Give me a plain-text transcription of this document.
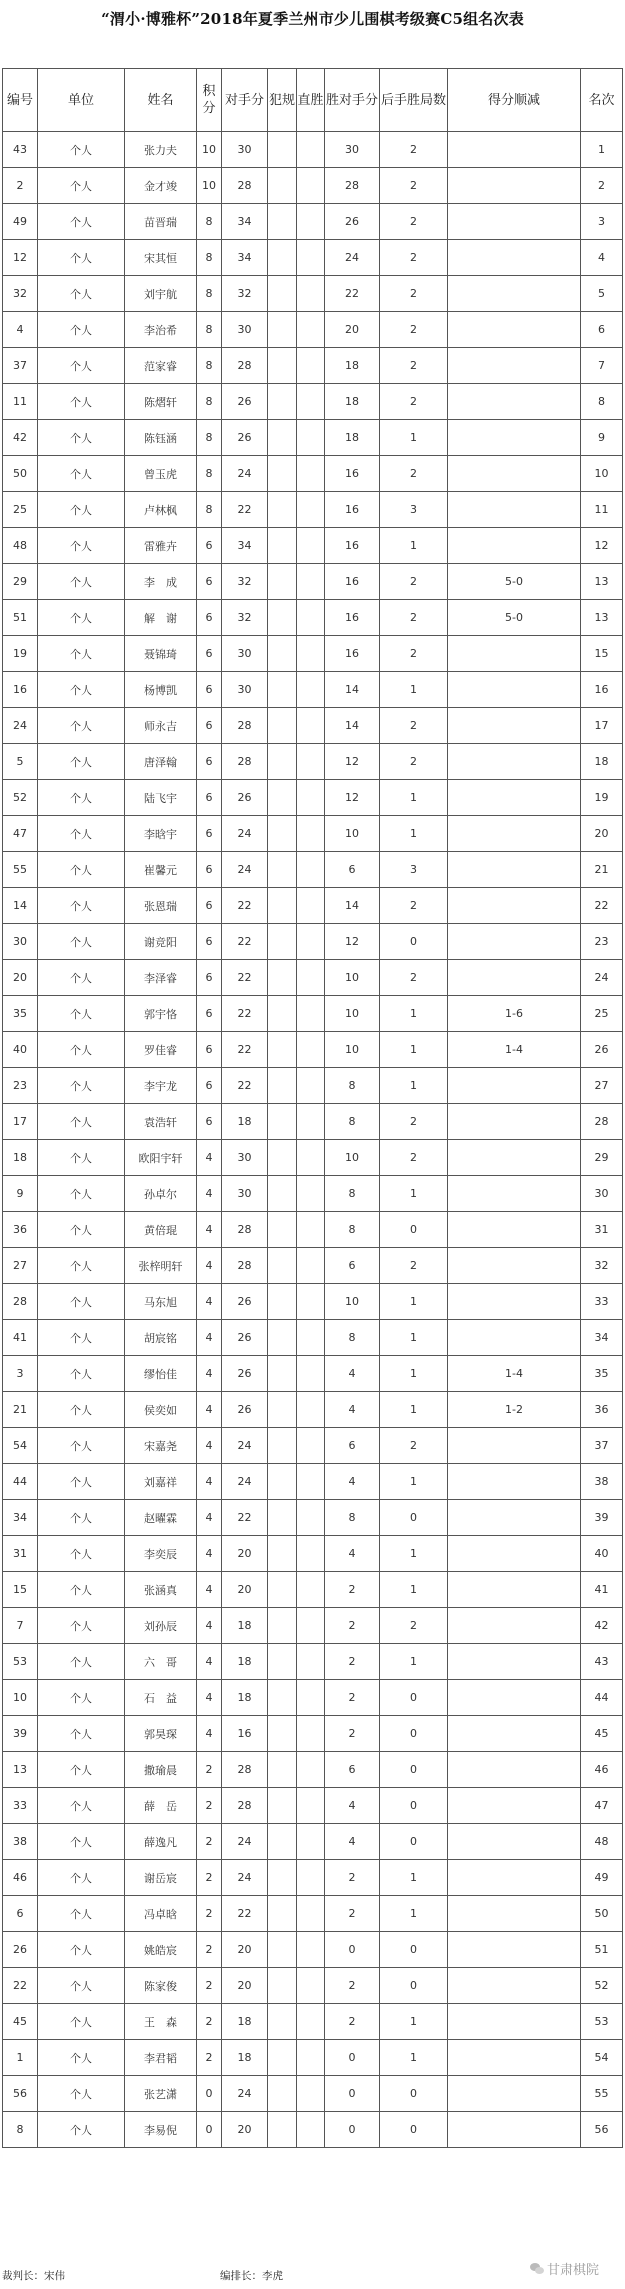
“渭小·博雅杯”2018年夏季兰州市少儿围棋考级赛C5组名次表
编号	单位	姓名	积分	对手分	犯规	直胜	胜对手分	后手胜局数	得分顺减	名次
43	个人	张力夫	10	30			30	2		1
2	个人	金才竣	10	28			28	2		2
49	个人	苗晋瑞	8	34			26	2		3
12	个人	宋其恒	8	34			24	2		4
32	个人	刘宇航	8	32			22	2		5
4	个人	李治希	8	30			20	2		6
37	个人	范家睿	8	28			18	2		7
11	个人	陈熠轩	8	26			18	2		8
42	个人	陈钰涵	8	26			18	1		9
50	个人	曾玉虎	8	24			16	2		10
25	个人	卢林枫	8	22			16	3		11
48	个人	雷雅卉	6	34			16	1		12
29	个人	李　成	6	32			16	2	5-0	13
51	个人	解　谢	6	32			16	2	5-0	13
19	个人	聂锦琦	6	30			16	2		15
16	个人	杨博凯	6	30			14	1		16
24	个人	师永吉	6	28			14	2		17
5	个人	唐泽翰	6	28			12	2		18
52	个人	陆飞宇	6	26			12	1		19
47	个人	李晗宇	6	24			10	1		20
55	个人	崔馨元	6	24			6	3		21
14	个人	张恩瑞	6	22			14	2		22
30	个人	谢竞阳	6	22			12	0		23
20	个人	李泽睿	6	22			10	2		24
35	个人	郭宇恪	6	22			10	1	1-6	25
40	个人	罗佳睿	6	22			10	1	1-4	26
23	个人	李宇龙	6	22			8	1		27
17	个人	袁浩轩	6	18			8	2		28
18	个人	欧阳宇轩	4	30			10	2		29
9	个人	孙卓尔	4	30			8	1		30
36	个人	黄倍琨	4	28			8	0		31
27	个人	张梓明轩	4	28			6	2		32
28	个人	马东旭	4	26			10	1		33
41	个人	胡宸铭	4	26			8	1		34
3	个人	缪怡佳	4	26			4	1	1-4	35
21	个人	侯奕如	4	26			4	1	1-2	36
54	个人	宋嘉尧	4	24			6	2		37
44	个人	刘嘉祥	4	24			4	1		38
34	个人	赵曜霖	4	22			8	0		39
31	个人	李奕辰	4	20			4	1		40
15	个人	张涵真	4	20			2	1		41
7	个人	刘孙辰	4	18			2	2		42
53	个人	六　哥	4	18			2	1		43
10	个人	石　益	4	18			2	0		44
39	个人	郭昊琛	4	16			2	0		45
13	个人	撒瑜晨	2	28			6	0		46
33	个人	薛　岳	2	28			4	0		47
38	个人	薛逸凡	2	24			4	0		48
46	个人	谢岳宸	2	24			2	1		49
6	个人	冯卓晗	2	22			2	1		50
26	个人	姚皓宸	2	20			0	0		51
22	个人	陈家俊	2	20			2	0		52
45	个人	王　森	2	18			2	1		53
1	个人	李君韬	2	18			0	1		54
56	个人	张艺潇	0	24			0	0		55
8	个人	李易倪	0	20			0	0		56
裁判长：宋伟	编排长：李虎	甘肃棋院
